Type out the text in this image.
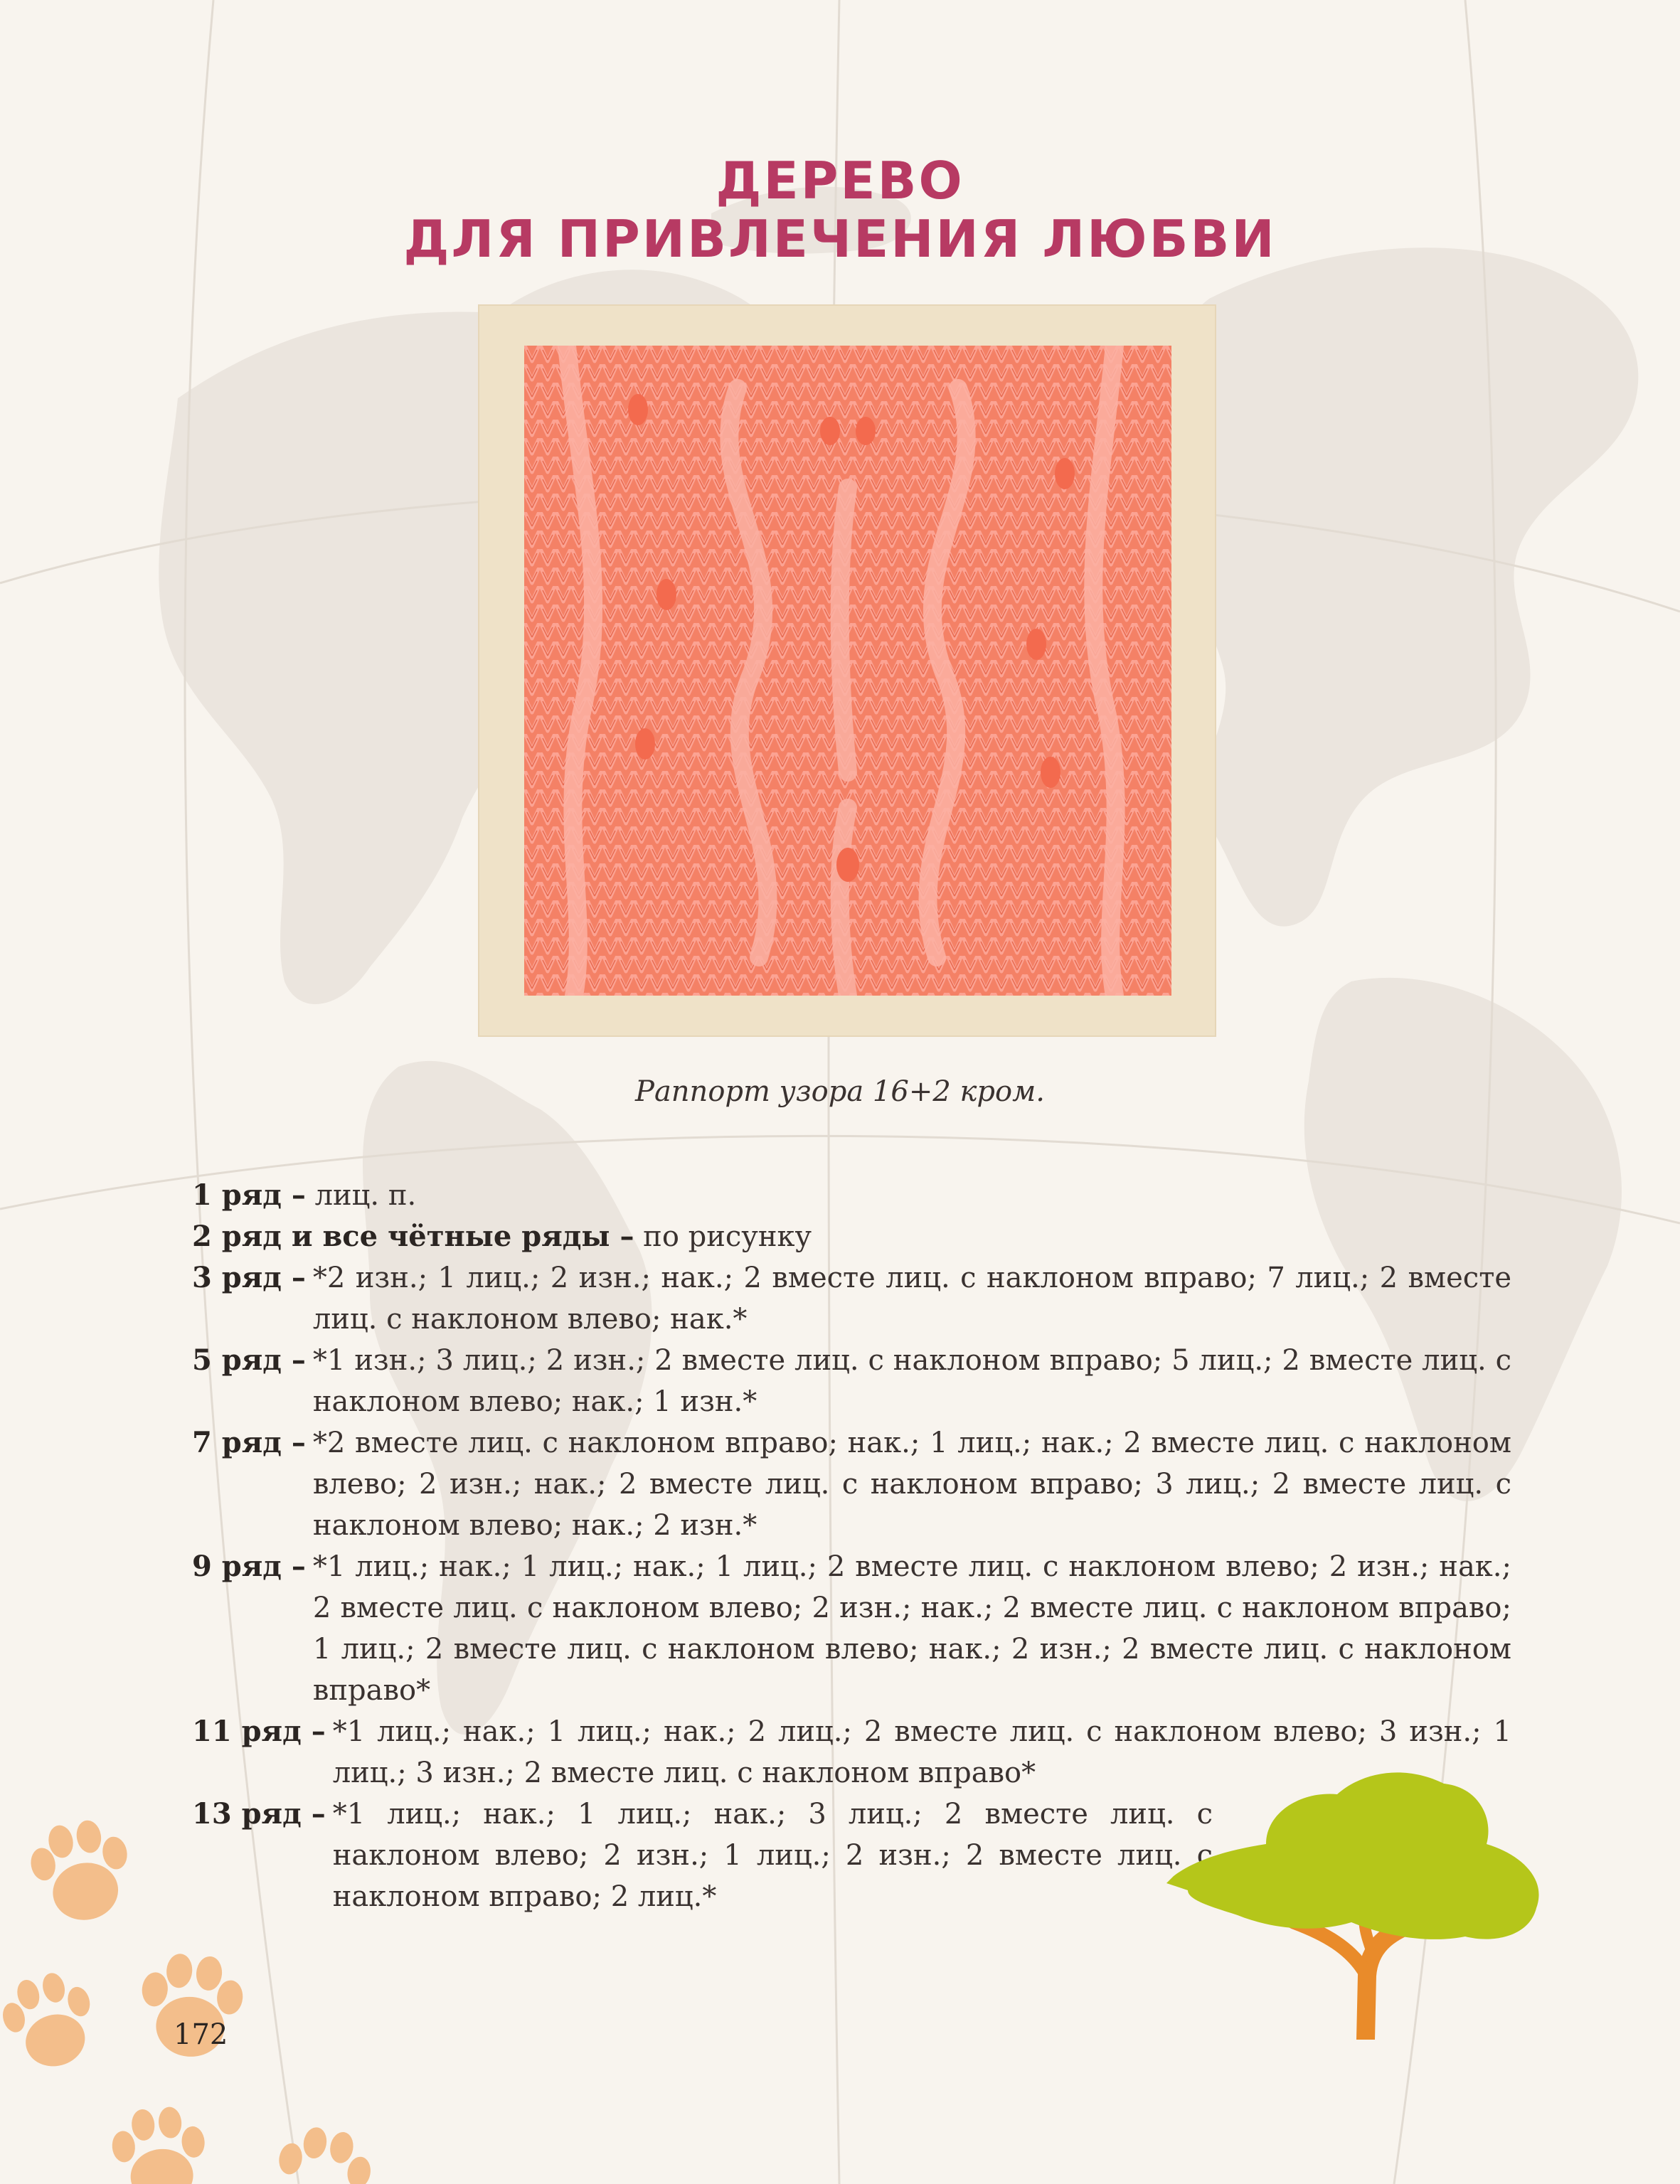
ДЕРЕВО
ДЛЯ ПРИВЛЕЧЕНИЯ ЛЮБВИ
Раппорт узора 16+2 кром.
1 ряд – лиц. п.
2 ряд и все чётные ряды – по рисунку
3 ряд – *2 изн.; 1 лиц.; 2 изн.; нак.; 2 вместе лиц. с наклоном вправо; 7 лиц.; 2 вместе лиц. с наклоном влево; нак.*
5 ряд – *1 изн.; 3 лиц.; 2 изн.; 2 вместе лиц. с наклоном вправо; 5 лиц.; 2 вместе лиц. с наклоном влево; нак.; 1 изн.*
7 ряд – *2 вместе лиц. с наклоном вправо; нак.; 1 лиц.; нак.; 2 вместе лиц. с наклоном влево; 2 изн.; нак.; 2 вместе лиц. с наклоном вправо; 3 лиц.; 2 вместе лиц. с наклоном влево; нак.; 2 изн.*
9 ряд – *1 лиц.; нак.; 1 лиц.; нак.; 1 лиц.; 2 вместе лиц. с наклоном влево; 2 изн.; нак.; 2 вместе лиц. с наклоном влево; 2 изн.; нак.; 2 вместе лиц. с наклоном вправо; 1 лиц.; 2 вместе лиц. с наклоном влево; нак.; 2 изн.; 2 вместе лиц. с наклоном вправо*
11 ряд – *1 лиц.; нак.; 1 лиц.; нак.; 2 лиц.; 2 вместе лиц. с наклоном влево; 3 изн.; 1 лиц.; 3 изн.; 2 вместе лиц. с наклоном вправо*
13 ряд – *1 лиц.; нак.; 1 лиц.; нак.; 3 лиц.; 2 вместе лиц. с наклоном влево; 2 изн.; 1 лиц.; 2 изн.; 2 вместе лиц. с наклоном вправо; 2 лиц.*
172
